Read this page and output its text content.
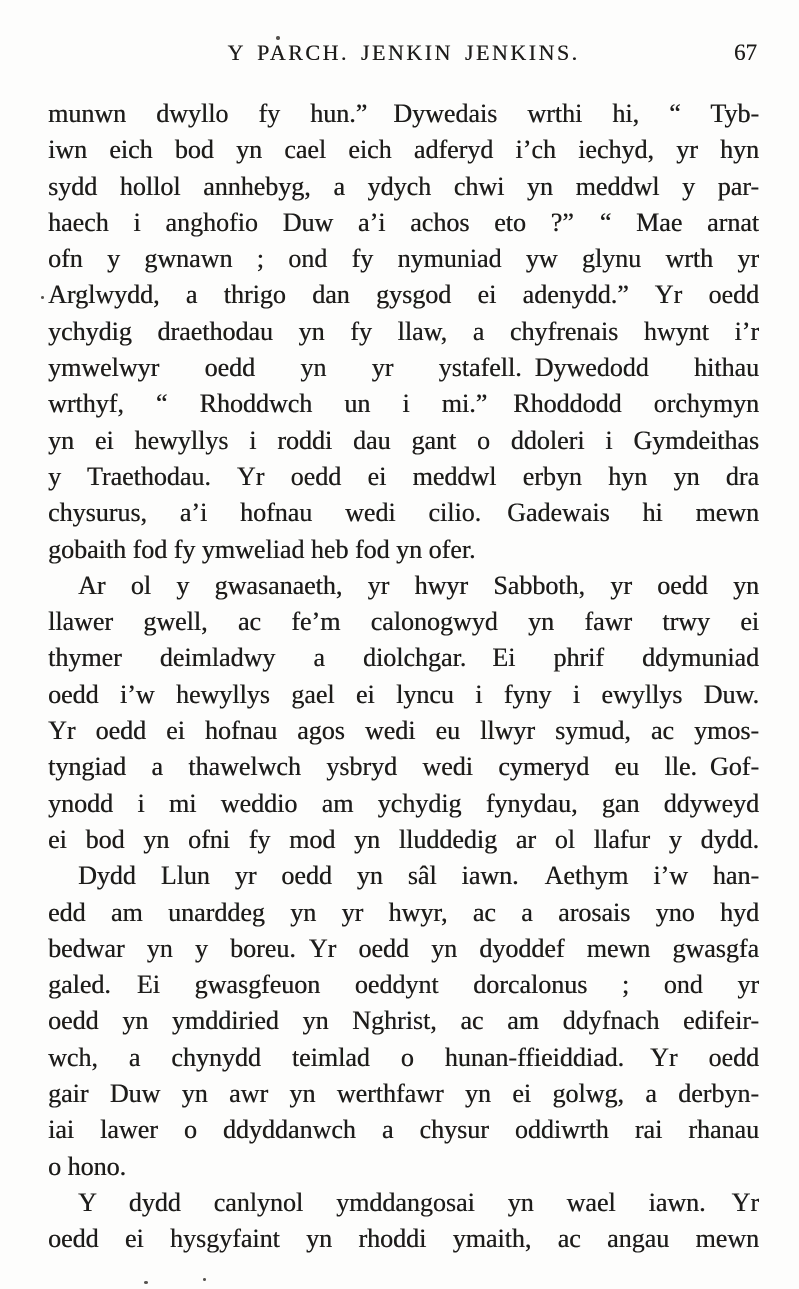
Y PARCH. JENKIN JENKINS.	67
munwn dwyllo fy hun.” Dywedais wrthi hi, “ Tyb-
iwn eich bod yn cael eich adferyd i’ch iechyd, yr hyn
sydd hollol annhebyg, a ydych chwi yn meddwl y par-
haech i anghofio Duw a’i achos eto ?” “ Mae arnat
ofn y gwnawn ; ond fy nymuniad yw glynu wrth yr
Arglwydd, a thrigo dan gysgod ei adenydd.” Yr oedd
ychydig draethodau yn fy llaw, a chyfrenais hwynt i’r
ymwelwyr oedd yn yr ystafell. Dywedodd hithau
wrthyf, “ Rhoddwch un i mi.” Rhoddodd orchymyn
yn ei hewyllys i roddi dau gant o ddoleri i Gymdeithas
y Traethodau. Yr oedd ei meddwl erbyn hyn yn dra
chysurus, a’i hofnau wedi cilio. Gadewais hi mewn
gobaith fod fy ymweliad heb fod yn ofer.
Ar ol y gwasanaeth, yr hwyr Sabboth, yr oedd yn
llawer gwell, ac fe’m calonogwyd yn fawr trwy ei
thymer deimladwy a diolchgar. Ei phrif ddymuniad
oedd i’w hewyllys gael ei lyncu i fyny i ewyllys Duw.
Yr oedd ei hofnau agos wedi eu llwyr symud, ac ymos-
tyngiad a thawelwch ysbryd wedi cymeryd eu lle. Gof-
ynodd i mi weddio am ychydig fynydau, gan ddyweyd
ei bod yn ofni fy mod yn lluddedig ar ol llafur y dydd.
Dydd Llun yr oedd yn sâl iawn. Aethym i’w han-
edd am unarddeg yn yr hwyr, ac a arosais yno hyd
bedwar yn y boreu. Yr oedd yn dyoddef mewn gwasgfa
galed. Ei gwasgfeuon oeddynt dorcalonus ; ond yr
oedd yn ymddiried yn Nghrist, ac am ddyfnach edifeir-
wch, a chynydd teimlad o hunan-ffieiddiad. Yr oedd
gair Duw yn awr yn werthfawr yn ei golwg, a derbyn-
iai lawer o ddyddanwch a chysur oddiwrth rai rhanau
o hono.
Y dydd canlynol ymddangosai yn wael iawn. Yr
oedd ei hysgyfaint yn rhoddi ymaith, ac angau mewn
